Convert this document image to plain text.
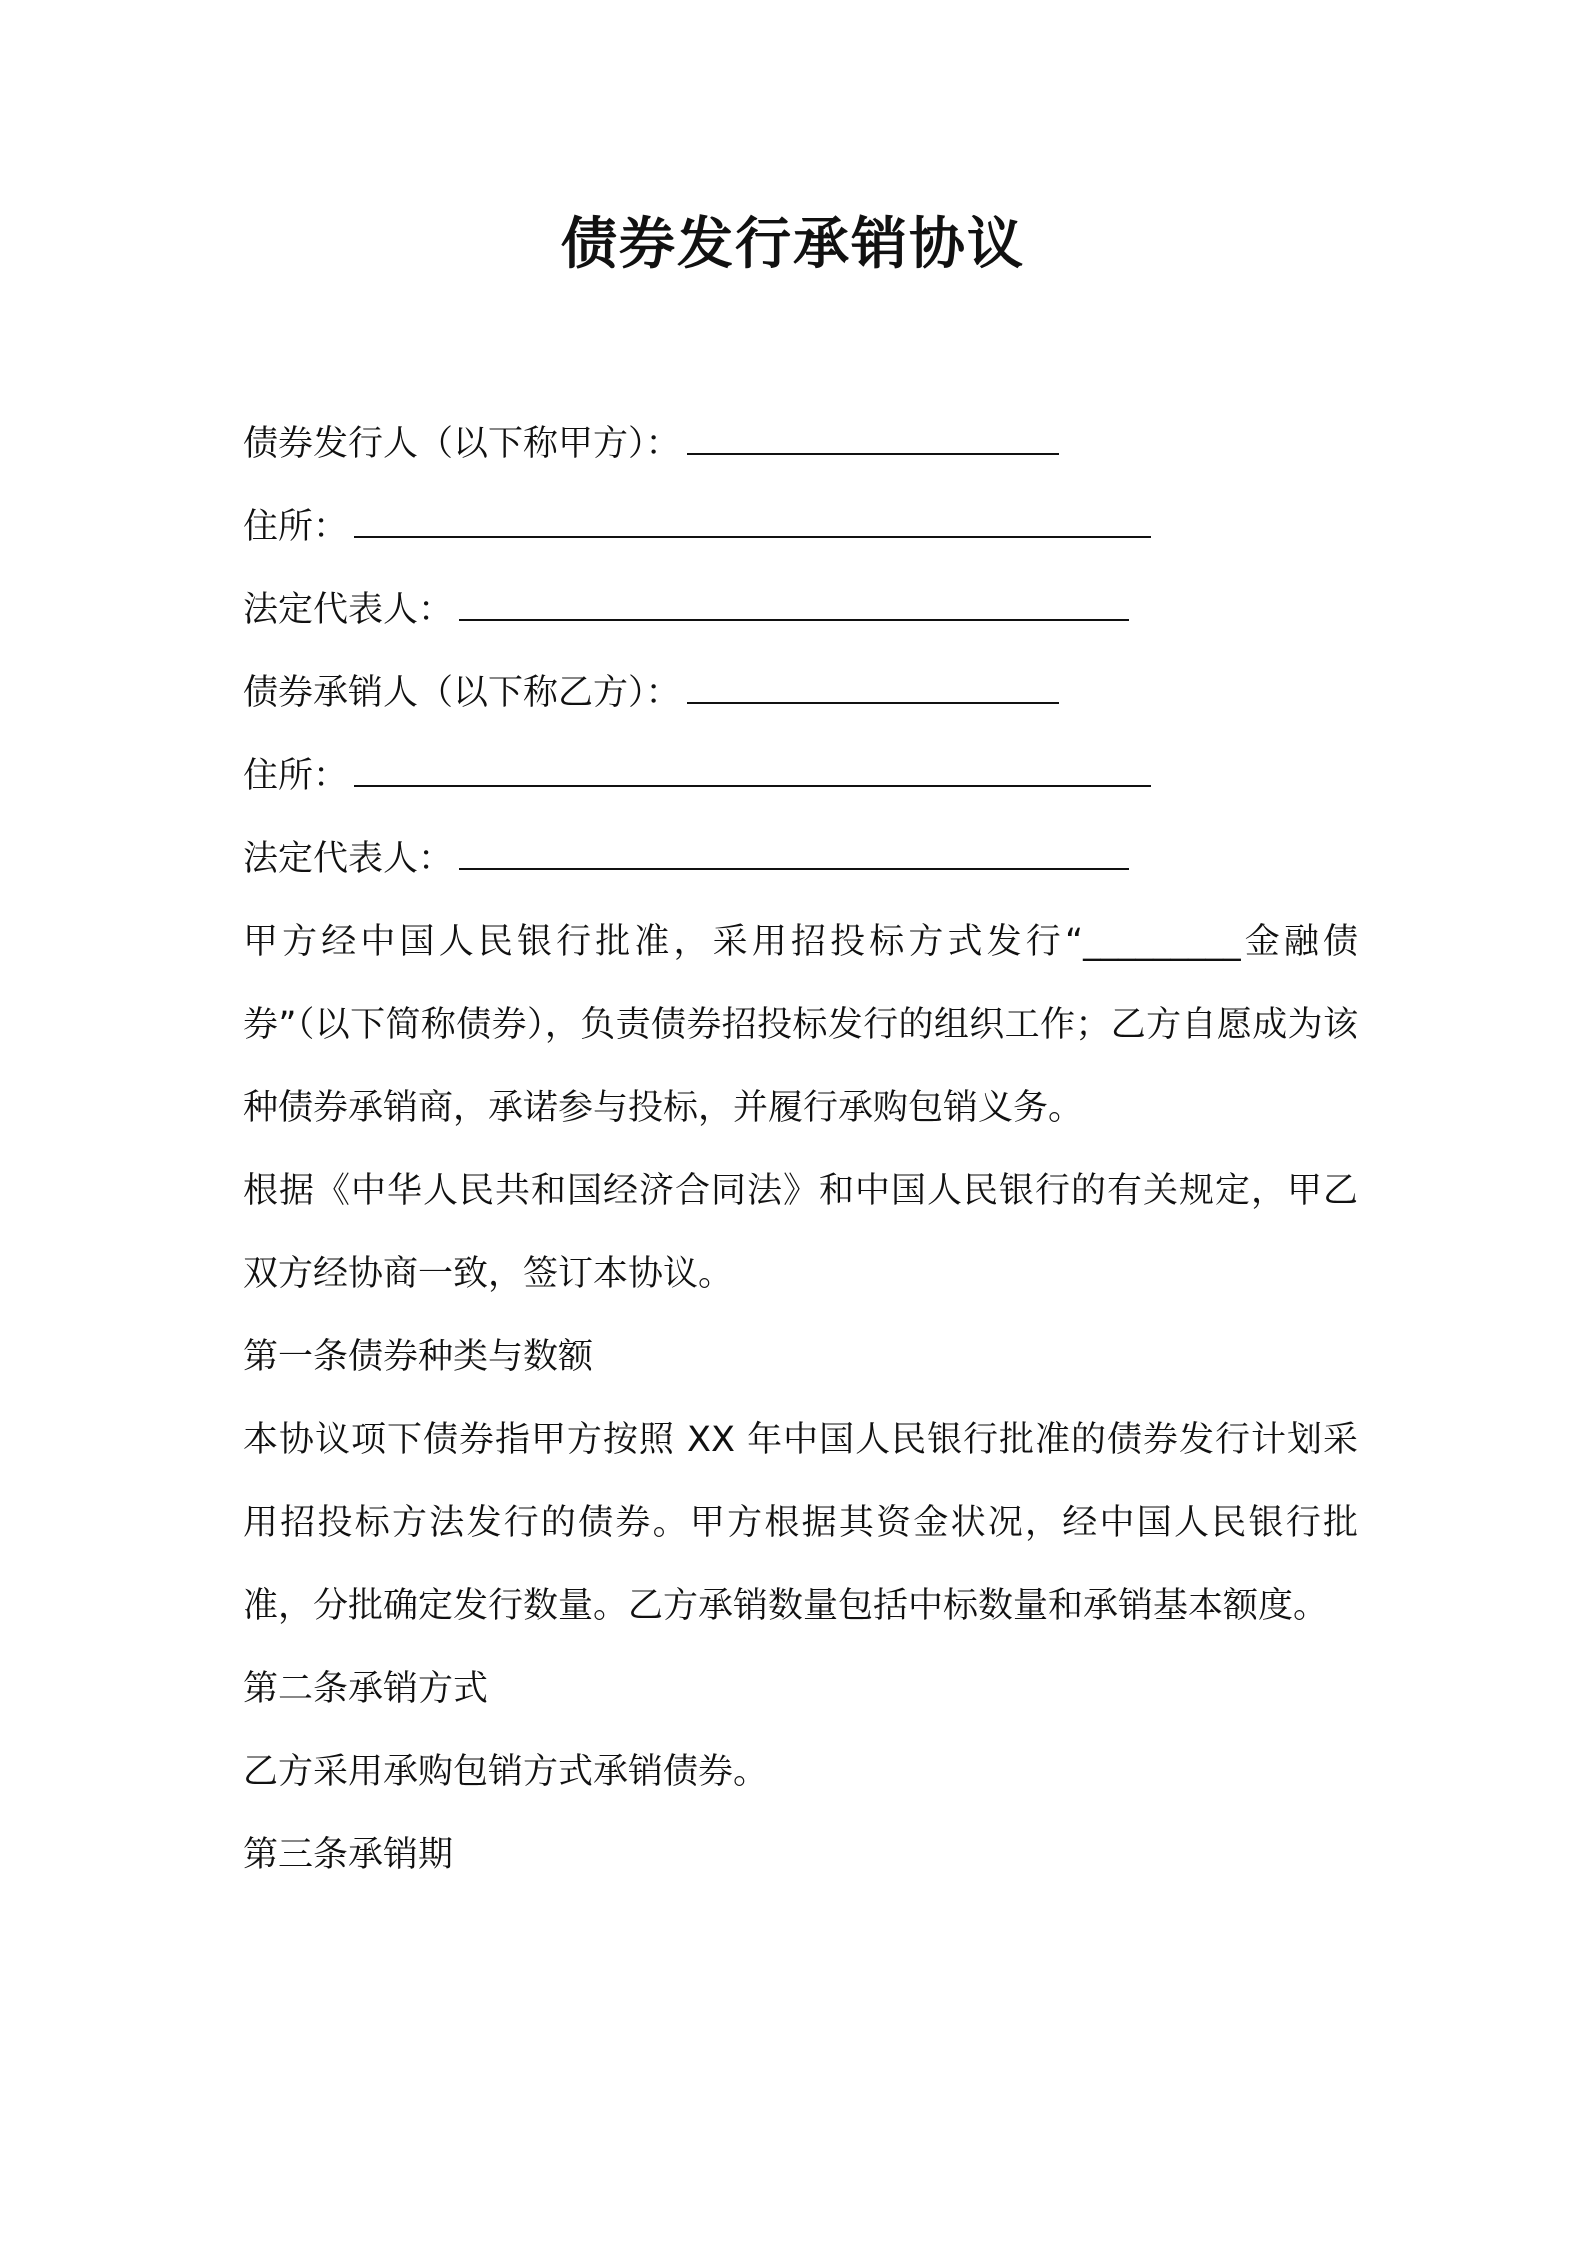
债券发行承销协议
债券发行人（以下称甲方）：
住所：
法定代表人：
债券承销人（以下称乙方）：
住所：
法定代表人：
甲方经中国人民银行批准，采用招投标方式发行“_________金融债券”（以下简称债券），负责债券招投标发行的组织工作；乙方自愿成为该种债券承销商，承诺参与投标，并履行承购包销义务。
根据《中华人民共和国经济合同法》和中国人民银行的有关规定，甲乙双方经协商一致，签订本协议。
第一条债券种类与数额
本协议项下债券指甲方按照 XX 年中国人民银行批准的债券发行计划采用招投标方法发行的债券。甲方根据其资金状况，经中国人民银行批准，分批确定发行数量。乙方承销数量包括中标数量和承销基本额度。
第二条承销方式
乙方采用承购包销方式承销债券。
第三条承销期
